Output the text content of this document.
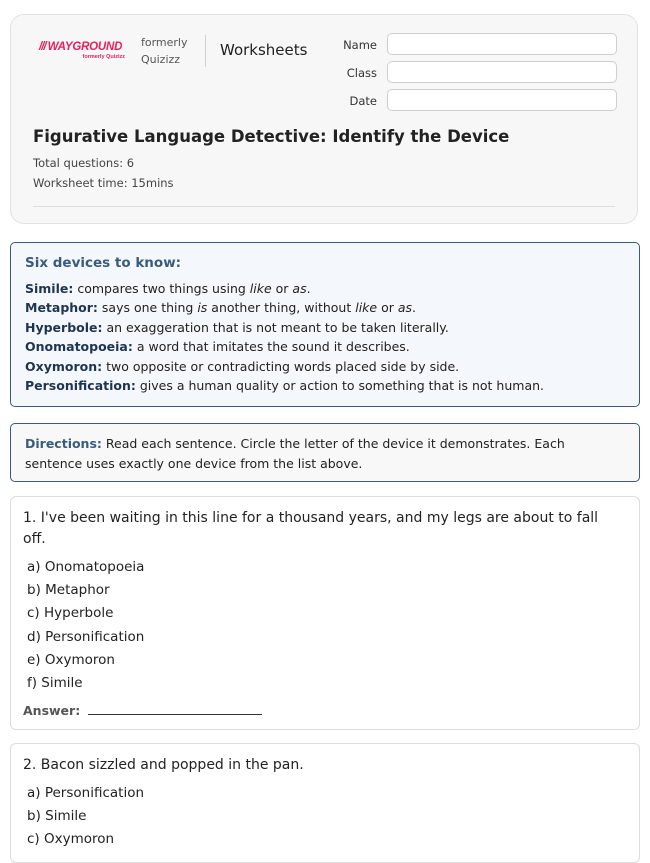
/// WAYGROUND
formerly Quizizz
formerly
Quizizz
Worksheets	Name
Class
Date
Figurative Language Detective: Identify the Device
Total questions: 6
Worksheet time: 15mins
Six devices to know:
Simile: compares two things using like or as.
Metaphor: says one thing is another thing, without like or as.
Hyperbole: an exaggeration that is not meant to be taken literally.
Onomatopoeia: a word that imitates the sound it describes.
Oxymoron: two opposite or contradicting words placed side by side.
Personification: gives a human quality or action to something that is not human.
Directions: Read each sentence. Circle the letter of the device it demonstrates. Each sentence uses exactly one device from the list above.
1. I've been waiting in this line for a thousand years, and my legs are about to fall off.
a) Onomatopoeia
b) Metaphor
c) Hyperbole
d) Personification
e) Oxymoron
f) Simile
Answer:
2. Bacon sizzled and popped in the pan.
a) Personification
b) Simile
c) Oxymoron
